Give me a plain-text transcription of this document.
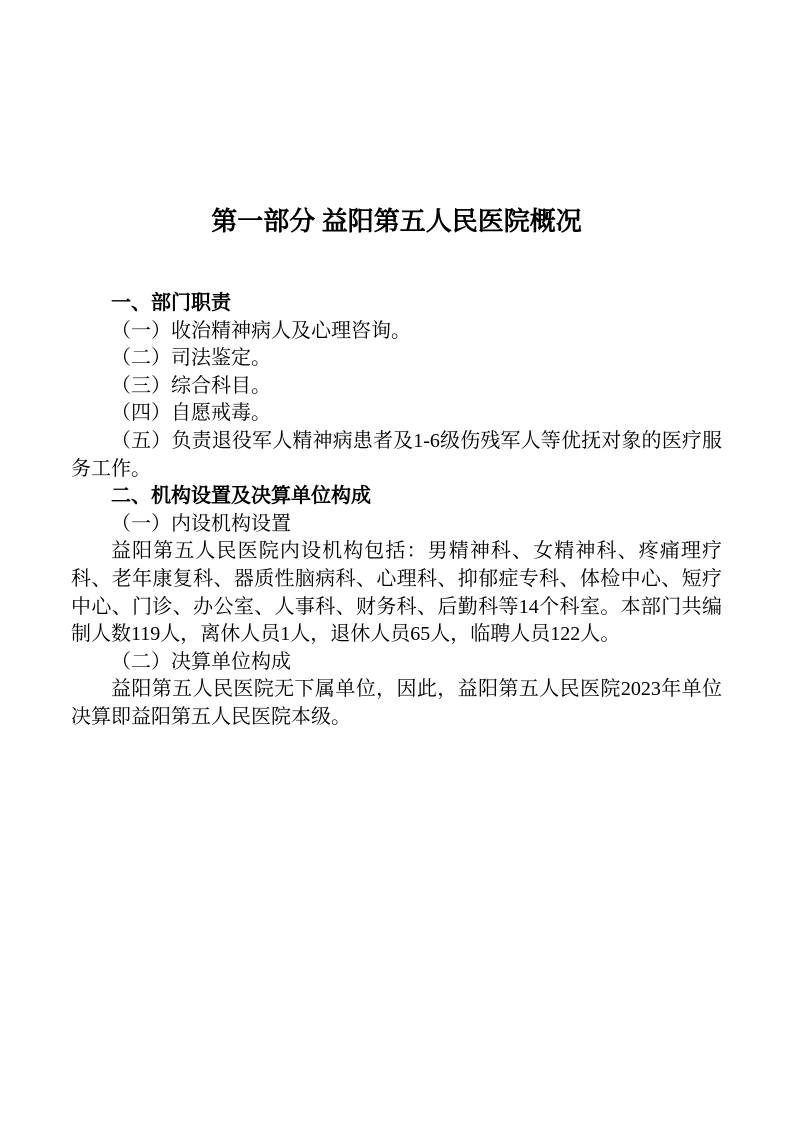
第一部分 益阳第五人民医院概况

一、部门职责

（一）收治精神病人及心理咨询。

（二）司法鉴定。

（三）综合科目。

（四）自愿戒毒。

（五）负责退役军人精神病患者及1-6级伤残军人等优抚对象的医疗服务工作。

二、机构设置及决算单位构成

（一）内设机构设置

益阳第五人民医院内设机构包括：男精神科、女精神科、疼痛理疗科、老年康复科、器质性脑病科、心理科、抑郁症专科、体检中心、短疗中心、门诊、办公室、人事科、财务科、后勤科等14个科室。本部门共编制人数119人，离休人员1人，退休人员65人，临聘人员122人。

（二）决算单位构成

益阳第五人民医院无下属单位，因此，益阳第五人民医院2023年单位决算即益阳第五人民医院本级。
